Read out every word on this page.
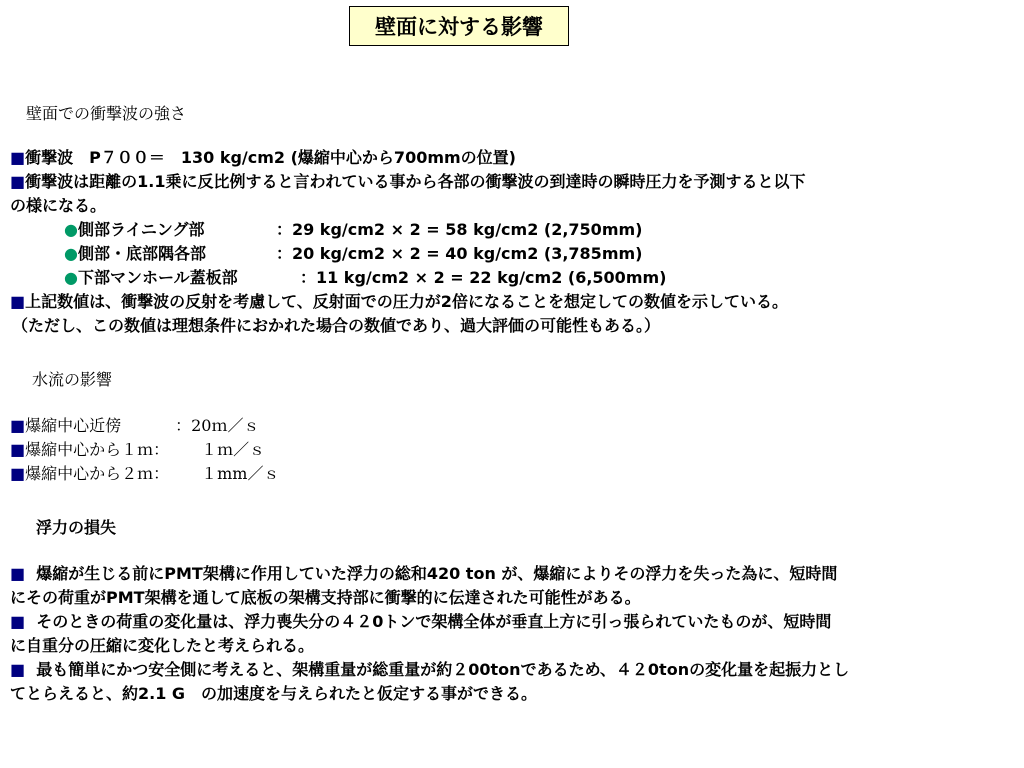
壁面に対する影響
壁面での衝撃波の強さ
■衝撃波　P７００＝　130 kg/cm2 (爆縮中心から700mmの位置)
■衝撃波は距離の1.1乗に反比例すると言われている事から各部の衝撃波の到達時の瞬時圧力を予測すると以下
の様になる。
●側部ライニング部	：29 kg/cm2 × 2 = 58 kg/cm2 (2,750mm)
●側部・底部隅各部	：20 kg/cm2 × 2 = 40 kg/cm2 (3,785mm)
●下部マンホール蓋板部	：11 kg/cm2 × 2 = 22 kg/cm2 (6,500mm)
■上記数値は、衝撃波の反射を考慮して、反射面での圧力が2倍になることを想定しての数値を示している。
（ただし、この数値は理想条件におかれた場合の数値であり、過大評価の可能性もある。）
水流の影響
■爆縮中心近傍	：20ｍ／ｓ
■爆縮中心から１ｍ： １ｍ／ｓ
■爆縮中心から２ｍ： １mm／ｓ
浮力の損失
■ 爆縮が生じる前にPMT架構に作用していた浮力の総和420 ton が、爆縮によりその浮力を失った為に、短時間
にその荷重がPMT架構を通して底板の架構支持部に衝撃的に伝達された可能性がある。
■ そのときの荷重の変化量は、浮力喪失分の４２0トンで架構全体が垂直上方に引っ張られていたものが、短時間
に自重分の圧縮に変化したと考えられる。
■ 最も簡単にかつ安全側に考えると、架構重量が総重量が約２00tonであるため、４２0tonの変化量を起振力とし
てとらえると、約2.1 G　の加速度を与えられたと仮定する事ができる。
